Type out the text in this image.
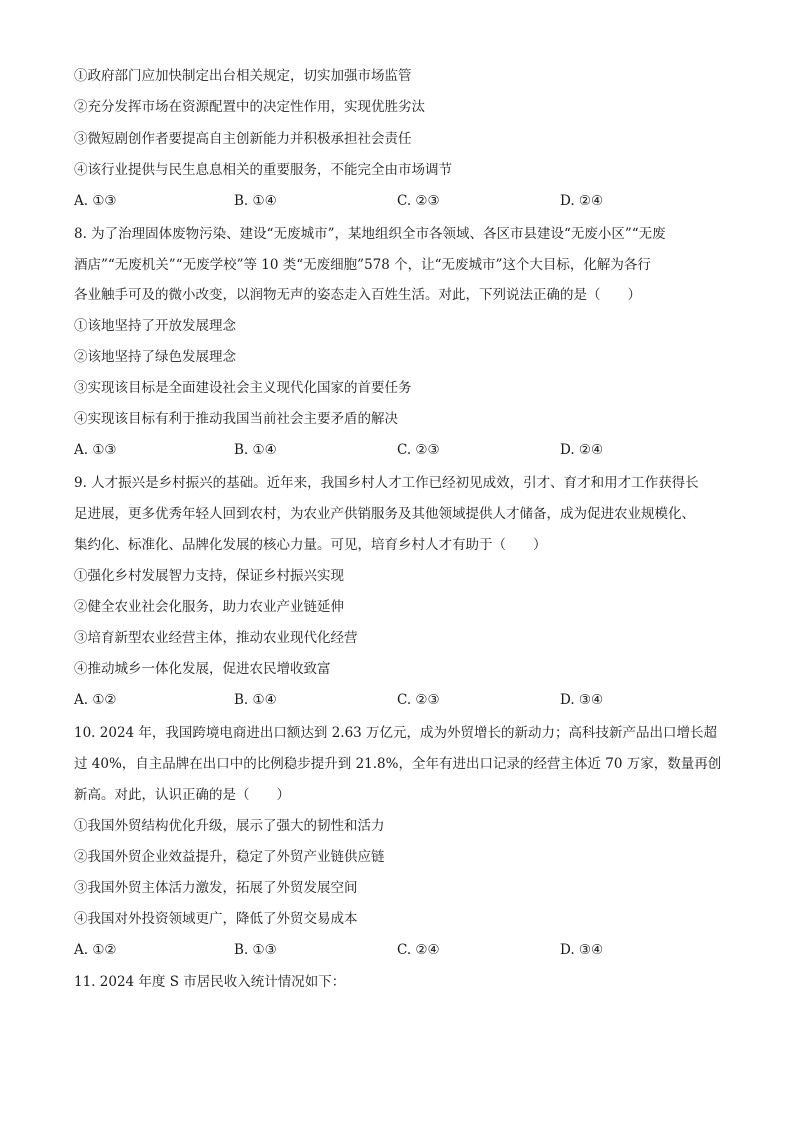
①政府部门应加快制定出台相关规定，切实加强市场监管
②充分发挥市场在资源配置中的决定性作用，实现优胜劣汰
③微短剧创作者要提高自主创新能力并积极承担社会责任
④该行业提供与民生息息相关的重要服务，不能完全由市场调节
A. ①③	B. ①④	C. ②③	D. ②④
8. 为了治理固体废物污染、建设“无废城市”，某地组织全市各领域、各区市县建设“无废小区”“无废
酒店”“无废机关”“无废学校”等 10 类“无废细胞”578 个，让“无废城市”这个大目标，化解为各行
各业触手可及的微小改变，以润物无声的姿态走入百姓生活。对此，下列说法正确的是（　　）
①该地坚持了开放发展理念
②该地坚持了绿色发展理念
③实现该目标是全面建设社会主义现代化国家的首要任务
④实现该目标有利于推动我国当前社会主要矛盾的解决
A. ①③	B. ①④	C. ②③	D. ②④
9. 人才振兴是乡村振兴的基础。近年来，我国乡村人才工作已经初见成效，引才、育才和用才工作获得长
足进展，更多优秀年轻人回到农村，为农业产供销服务及其他领域提供人才储备，成为促进农业规模化、
集约化、标准化、品牌化发展的核心力量。可见，培育乡村人才有助于（　　）
①强化乡村发展智力支持，保证乡村振兴实现
②健全农业社会化服务，助力农业产业链延伸
③培育新型农业经营主体，推动农业现代化经营
④推动城乡一体化发展，促进农民增收致富
A. ①②	B. ①④	C. ②③	D. ③④
10. 2024 年，我国跨境电商进出口额达到 2.63 万亿元，成为外贸增长的新动力；高科技新产品出口增长超
过 40%，自主品牌在出口中的比例稳步提升到 21.8%，全年有进出口记录的经营主体近 70 万家，数量再创
新高。对此，认识正确的是（　　）
①我国外贸结构优化升级，展示了强大的韧性和活力
②我国外贸企业效益提升，稳定了外贸产业链供应链
③我国外贸主体活力激发，拓展了外贸发展空间
④我国对外投资领域更广，降低了外贸交易成本
A. ①②	B. ①③	C. ②④	D. ③④
11. 2024 年度 S 市居民收入统计情况如下：
